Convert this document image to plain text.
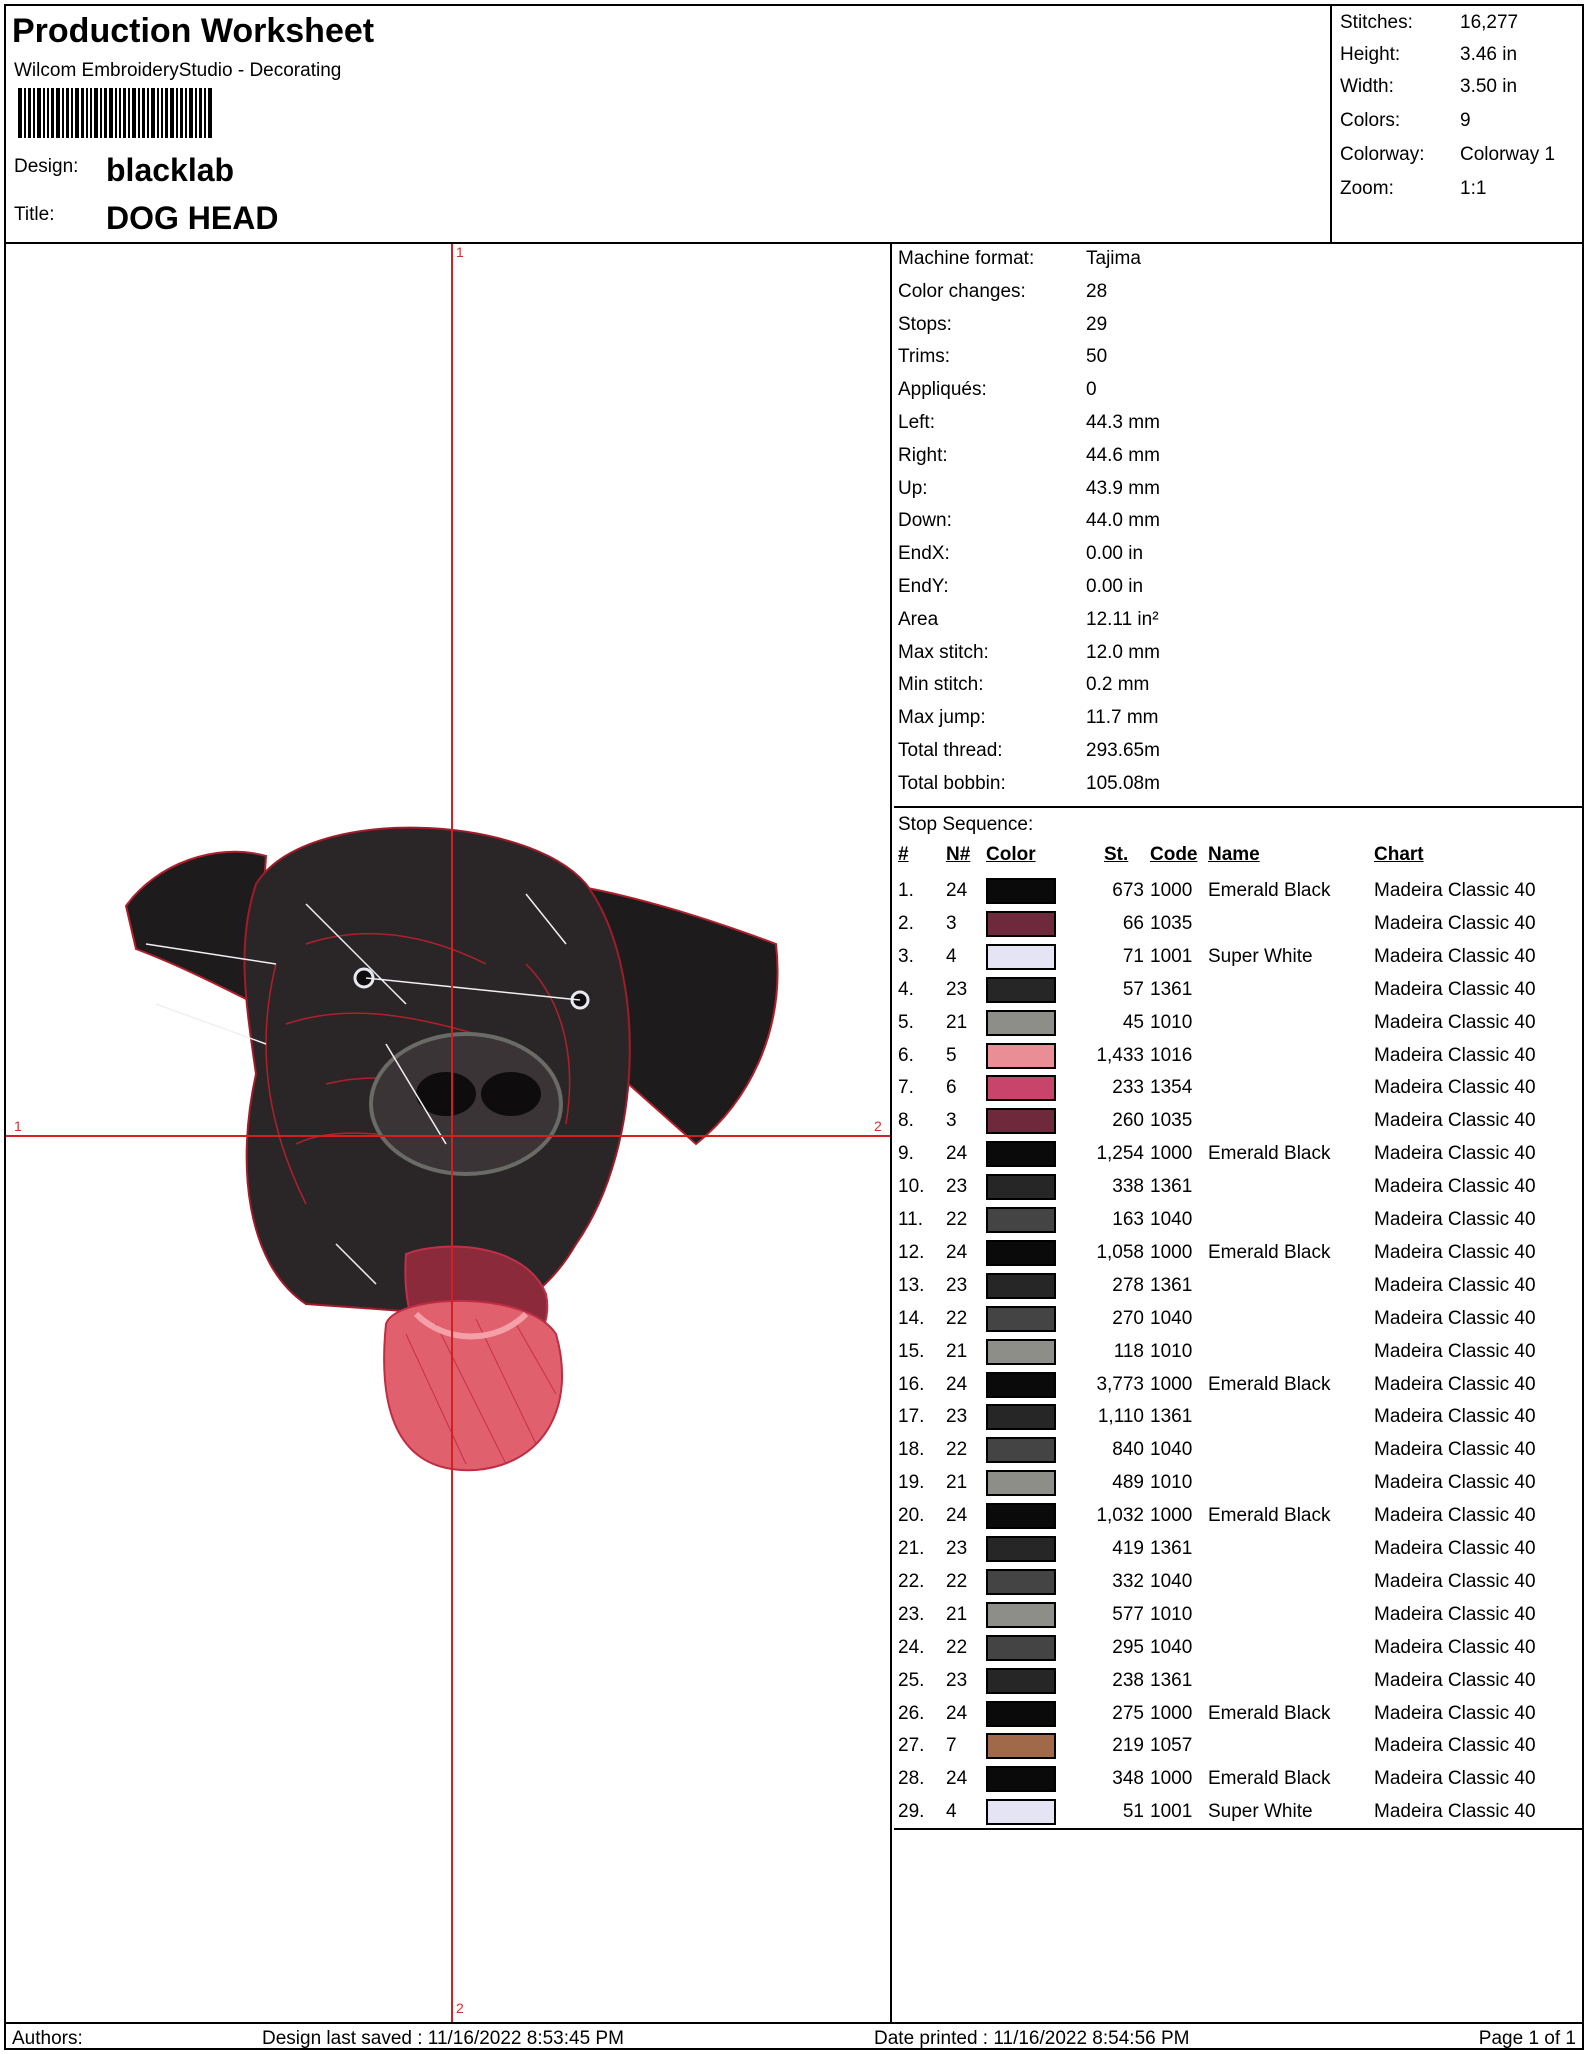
Production Worksheet
Wilcom EmbroideryStudio - Decorating
Design: blacklab
Title: DOG HEAD
Stitches:	16,277
Height:	3.46 in
Width:	3.50 in
Colors:	9
Colorway:	Colorway 1
Zoom:	1:1
1
1	2
2
Machine format:	Tajima
Color changes:	28
Stops:	29
Trims:	50
Appliqués:	0
Left:	44.3 mm
Right:	44.6 mm
Up:	43.9 mm
Down:	44.0 mm
EndX:	0.00 in
EndY:	0.00 in
Area	12.11 in²
Max stitch:	12.0 mm
Min stitch:	0.2 mm
Max jump:	11.7 mm
Total thread:	293.65m
Total bobbin:	105.08m
Stop Sequence:
# N# Color	St. Code Name	Chart
1. 24	673 1000 Emerald Black Madeira Classic 40
2. 3	66 1035	Madeira Classic 40
3. 4	71 1001 Super White	Madeira Classic 40
4. 23	57 1361	Madeira Classic 40
5. 21	45 1010	Madeira Classic 40
6. 5	1,433 1016	Madeira Classic 40
7. 6	233 1354	Madeira Classic 40
8. 3	260 1035	Madeira Classic 40
9. 24	1,254 1000 Emerald Black Madeira Classic 40
10. 23	338 1361	Madeira Classic 40
11. 22	163 1040	Madeira Classic 40
12. 24	1,058 1000 Emerald Black Madeira Classic 40
13. 23	278 1361	Madeira Classic 40
14. 22	270 1040	Madeira Classic 40
15. 21	118 1010	Madeira Classic 40
16. 24	3,773 1000 Emerald Black Madeira Classic 40
17. 23	1,110 1361	Madeira Classic 40
18. 22	840 1040	Madeira Classic 40
19. 21	489 1010	Madeira Classic 40
20. 24	1,032 1000 Emerald Black Madeira Classic 40
21. 23	419 1361	Madeira Classic 40
22. 22	332 1040	Madeira Classic 40
23. 21	577 1010	Madeira Classic 40
24. 22	295 1040	Madeira Classic 40
25. 23	238 1361	Madeira Classic 40
26. 24	275 1000 Emerald Black Madeira Classic 40
27. 7	219 1057	Madeira Classic 40
28. 24	348 1000 Emerald Black Madeira Classic 40
29. 4	51 1001 Super White	Madeira Classic 40
Authors:	Design last saved : 11/16/2022 8:53:45 PM	Date printed : 11/16/2022 8:54:56 PM	Page 1 of 1
